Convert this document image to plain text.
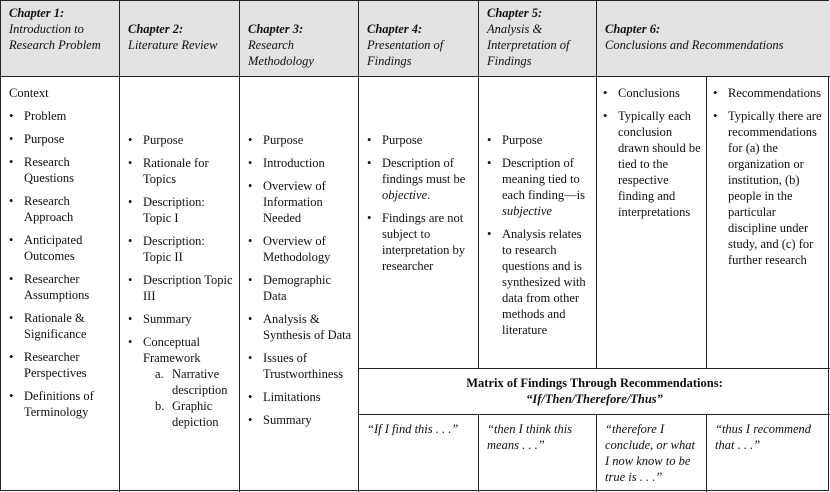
Chapter 1:
Introduction to
Research Problem
Chapter 2:
Literature Review
Chapter 3:
Research
Methodology
Chapter 4:
Presentation of
Findings
Chapter 5:
Analysis &
Interpretation of
Findings
Chapter 6:
Conclusions and Recommendations
Context
• Problem
• Purpose
• Research Questions
• Research Approach
• Anticipated Outcomes
• Researcher Assumptions
• Rationale & Significance
• Researcher Perspectives
• Definitions of Terminology
• Purpose
• Rationale for Topics
• Description: Topic I
• Description: Topic II
• Description Topic III
• Summary
• Conceptual Framework
a. Narrative description
b. Graphic depiction
• Purpose
• Introduction
• Overview of Information Needed
• Overview of Methodology
• Demographic Data
• Analysis & Synthesis of Data
• Issues of Trustworthiness
• Limitations
• Summary
• Purpose
• Description of findings must be objective.
• Findings are not subject to interpretation by researcher
• Purpose
• Description of meaning tied to each finding—is subjective
• Analysis relates to research questions and is synthesized with data from other methods and literature
• Conclusions
• Typically each conclusion drawn should be tied to the respective finding and interpretations
• Recommendations
• Typically there are recommendations for (a) the organization or institution, (b) people in the particular discipline under study, and (c) for further research
Matrix of Findings Through Recommendations:
“If/Then/Therefore/Thus”
“If I find this . . .”	“then I think this means . . .”
“therefore I conclude, or what I now know to be true is . . .”
“thus I recommend that . . .”
